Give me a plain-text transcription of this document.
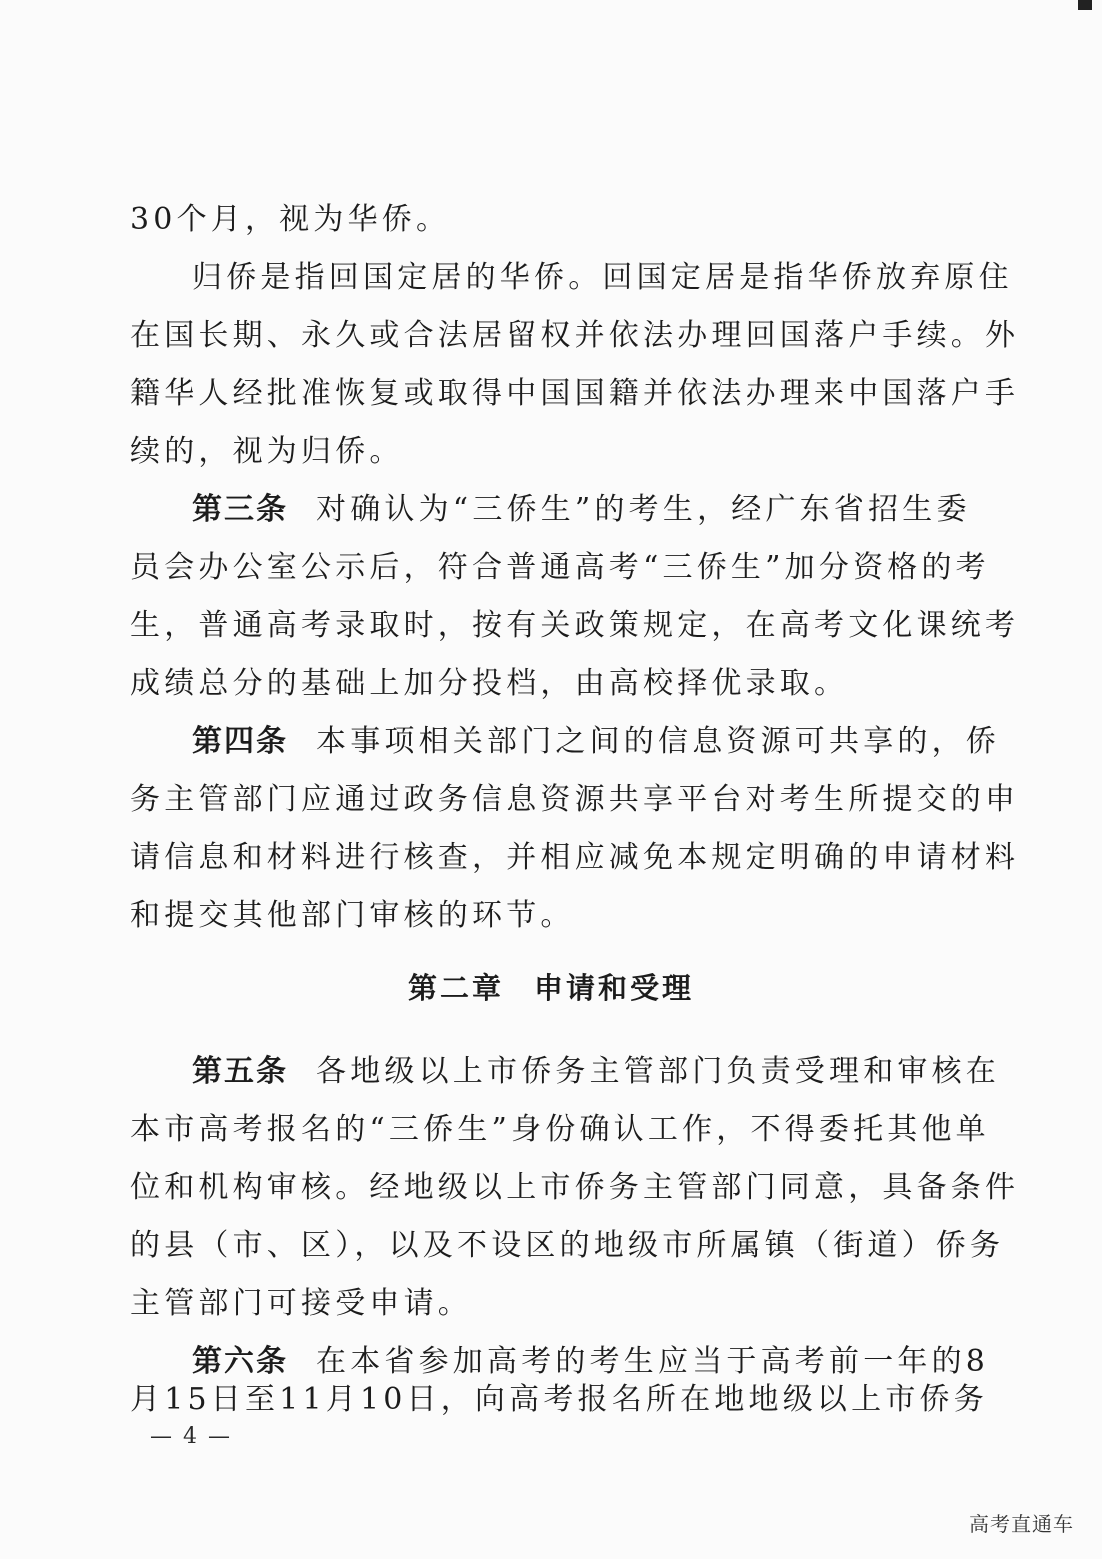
30个月，视为华侨。
归侨是指回国定居的华侨。回国定居是指华侨放弃原住
在国长期、永久或合法居留权并依法办理回国落户手续。外
籍华人经批准恢复或取得中国国籍并依法办理来中国落户手
续的，视为归侨。
第三条 对确认为“三侨生”的考生，经广东省招生委
员会办公室公示后，符合普通高考“三侨生”加分资格的考
生，普通高考录取时，按有关政策规定，在高考文化课统考
成绩总分的基础上加分投档，由高校择优录取。
第四条 本事项相关部门之间的信息资源可共享的，侨
务主管部门应通过政务信息资源共享平台对考生所提交的申
请信息和材料进行核查，并相应减免本规定明确的申请材料
和提交其他部门审核的环节。
第二章 申请和受理
第五条 各地级以上市侨务主管部门负责受理和审核在
本市高考报名的“三侨生”身份确认工作，不得委托其他单
位和机构审核。经地级以上市侨务主管部门同意，具备条件
的县（市、区），以及不设区的地级市所属镇（街道）侨务
主管部门可接受申请。
第六条 在本省参加高考的考生应当于高考前一年的8
月15日至11月10日，向高考报名所在地地级以上市侨务
— 4 —
高考直通车
